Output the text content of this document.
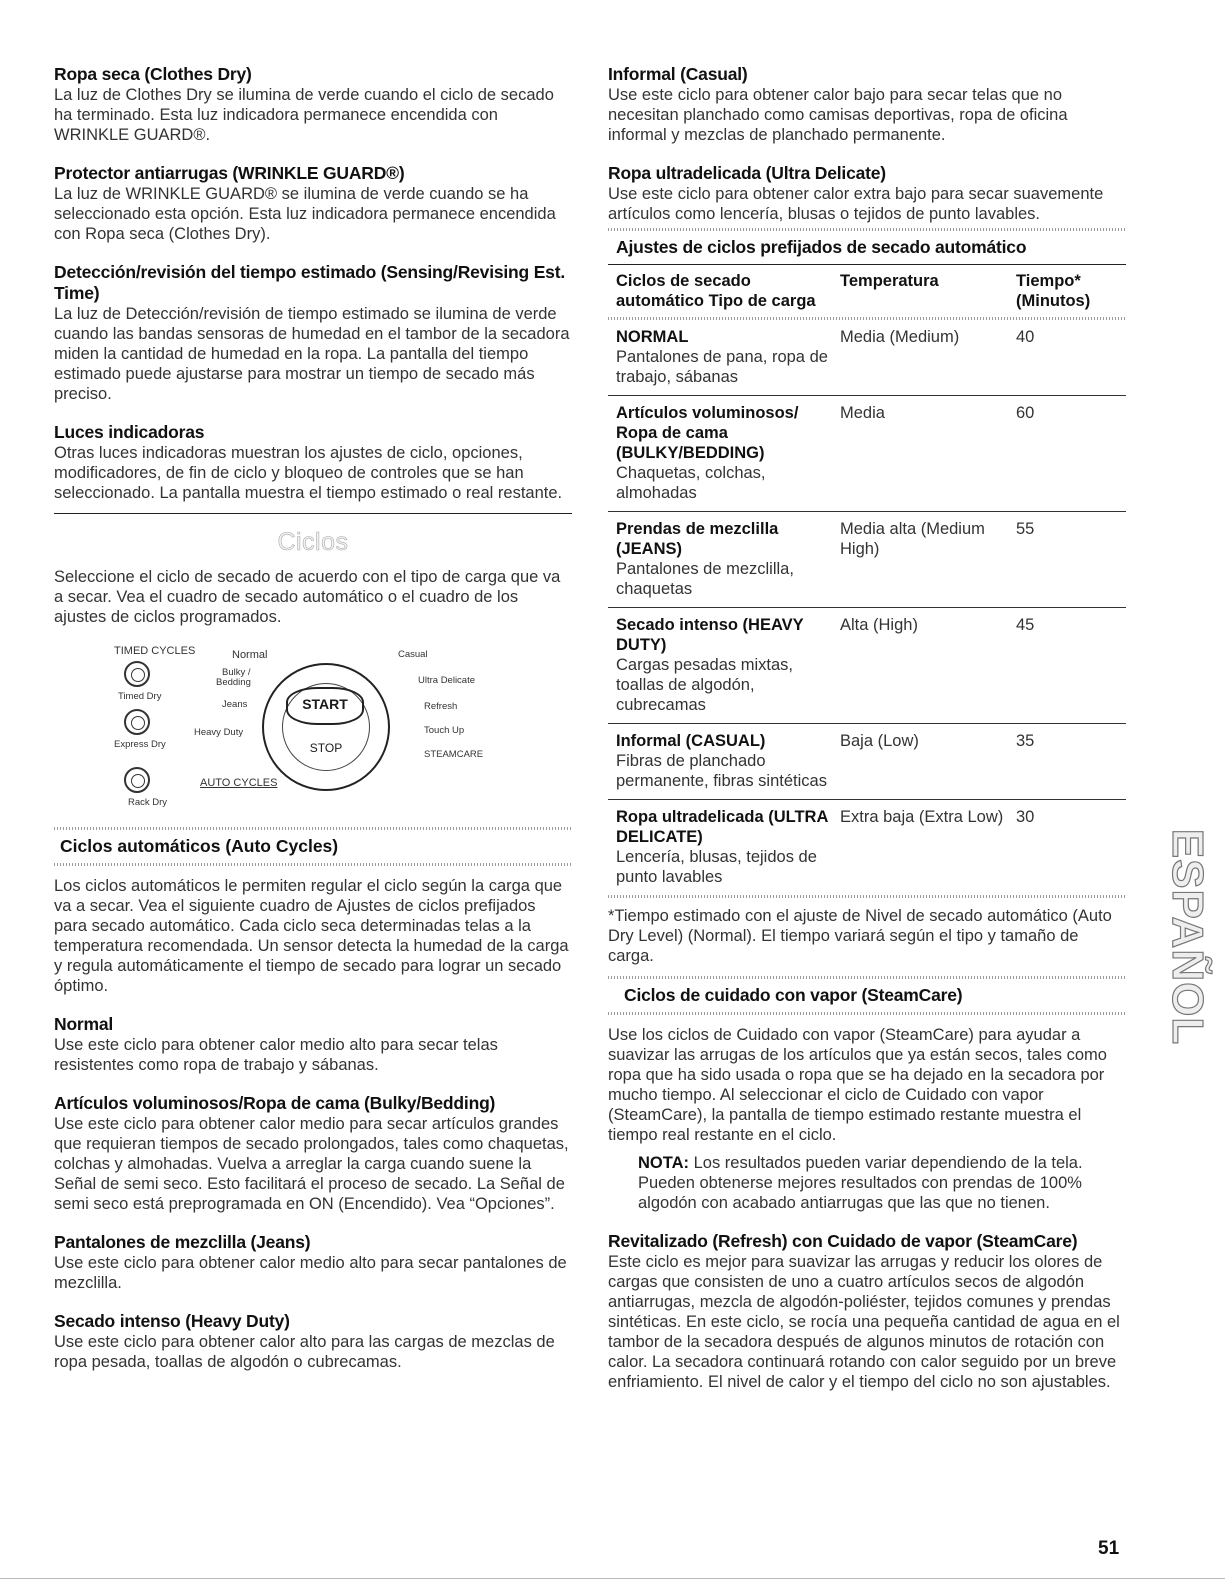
Ropa seca (Clothes Dry)

La luz de Clothes Dry se ilumina de verde cuando el ciclo de secado ha terminado. Esta luz indicadora permanece encendida con WRINKLE GUARD®.

Protector antiarrugas (WRINKLE GUARD®)

La luz de WRINKLE GUARD® se ilumina de verde cuando se ha seleccionado esta opción. Esta luz indicadora permanece encendida con Ropa seca (Clothes Dry).

Detección/revisión del tiempo estimado (Sensing/Revising Est. Time)

La luz de Detección/revisión de tiempo estimado se ilumina de verde cuando las bandas sensoras de humedad en el tambor de la secadora miden la cantidad de humedad en la ropa. La pantalla del tiempo estimado puede ajustarse para mostrar un tiempo de secado más preciso.

Luces indicadoras

Otras luces indicadoras muestran los ajustes de ciclo, opciones, modificadores, de fin de ciclo y bloqueo de controles que se han seleccionado. La pantalla muestra el tiempo estimado o real restante.

Ciclos

Seleccione el ciclo de secado de acuerdo con el tipo de carga que va a secar. Vea el cuadro de secado automático o el cuadro de los ajustes de ciclos programados.

TIMED CYCLES
Timed Dry
Express Dry
Rack Dry
Normal
Bulky /
Bedding
Jeans
Heavy Duty
AUTO CYCLES
START
STOP
Casual
Ultra Delicate
Refresh
Touch Up
STEAMCARE
Ciclos automáticos (Auto Cycles)

Los ciclos automáticos le permiten regular el ciclo según la carga que va a secar. Vea el siguiente cuadro de Ajustes de ciclos prefijados para secado automático. Cada ciclo seca determinadas telas a la temperatura recomendada. Un sensor detecta la humedad de la carga y regula automáticamente el tiempo de secado para lograr un secado óptimo.

Normal

Use este ciclo para obtener calor medio alto para secar telas resistentes como ropa de trabajo y sábanas.

Artículos voluminosos/Ropa de cama (Bulky/Bedding)

Use este ciclo para obtener calor medio para secar artículos grandes que requieran tiempos de secado prolongados, tales como chaquetas, colchas y almohadas. Vuelva a arreglar la carga cuando suene la Señal de semi seco. Esto facilitará el proceso de secado. La Señal de semi seco está preprogramada en ON (Encendido). Vea “Opciones”.

Pantalones de mezclilla (Jeans)

Use este ciclo para obtener calor medio alto para secar pantalones de mezclilla.

Secado intenso (Heavy Duty)

Use este ciclo para obtener calor alto para las cargas de mezclas de ropa pesada, toallas de algodón o cubrecamas.

Informal (Casual)

Use este ciclo para obtener calor bajo para secar telas que no necesitan planchado como camisas deportivas, ropa de oficina informal y mezclas de planchado permanente.

Ropa ultradelicada (Ultra Delicate)

Use este ciclo para obtener calor extra bajo para secar suavemente artículos como lencería, blusas o tejidos de punto lavables.

Ajustes de ciclos prefijados de secado automático
Ciclos de secado automático Tipo de carga	Temperatura	Tiempo* (Minutos)
NORMAL
Pantalones de pana, ropa de trabajo, sábanas	Media (Medium)	40

Artículos voluminosos/ Ropa de cama (BULKY/BEDDING)
Chaquetas, colchas, almohadas	Media	60

Prendas de mezclilla (JEANS)
Pantalones de mezclilla, chaquetas	Media alta (Medium High)	55

Secado intenso (HEAVY DUTY)
Cargas pesadas mixtas, toallas de algodón, cubrecamas	Alta (High)	45

Informal (CASUAL)
Fibras de planchado permanente, fibras sintéticas	Baja (Low)	35

Ropa ultradelicada (ULTRA DELICATE)
Lencería, blusas, tejidos de punto lavables	Extra baja (Extra Low)	30

*Tiempo estimado con el ajuste de Nivel de secado automático (Auto Dry Level) (Normal). El tiempo variará según el tipo y tamaño de carga.

Ciclos de cuidado con vapor (SteamCare)

Use los ciclos de Cuidado con vapor (SteamCare) para ayudar a suavizar las arrugas de los artículos que ya están secos, tales como ropa que ha sido usada o ropa que se ha dejado en la secadora por mucho tiempo. Al seleccionar el ciclo de Cuidado con vapor (SteamCare), la pantalla de tiempo estimado restante muestra el tiempo real restante en el ciclo.

NOTA: Los resultados pueden variar dependiendo de la tela. Pueden obtenerse mejores resultados con prendas de 100% algodón con acabado antiarrugas que las que no tienen.

Revitalizado (Refresh) con Cuidado de vapor (SteamCare)

Este ciclo es mejor para suavizar las arrugas y reducir los olores de cargas que consisten de uno a cuatro artículos secos de algodón antiarrugas, mezcla de algodón-poliéster, tejidos comunes y prendas sintéticas. En este ciclo, se rocía una pequeña cantidad de agua en el tambor de la secadora después de algunos minutos de rotación con calor. La secadora continuará rotando con calor seguido por un breve enfriamiento. El nivel de calor y el tiempo del ciclo no son ajustables.

ESPAÑOL
51
